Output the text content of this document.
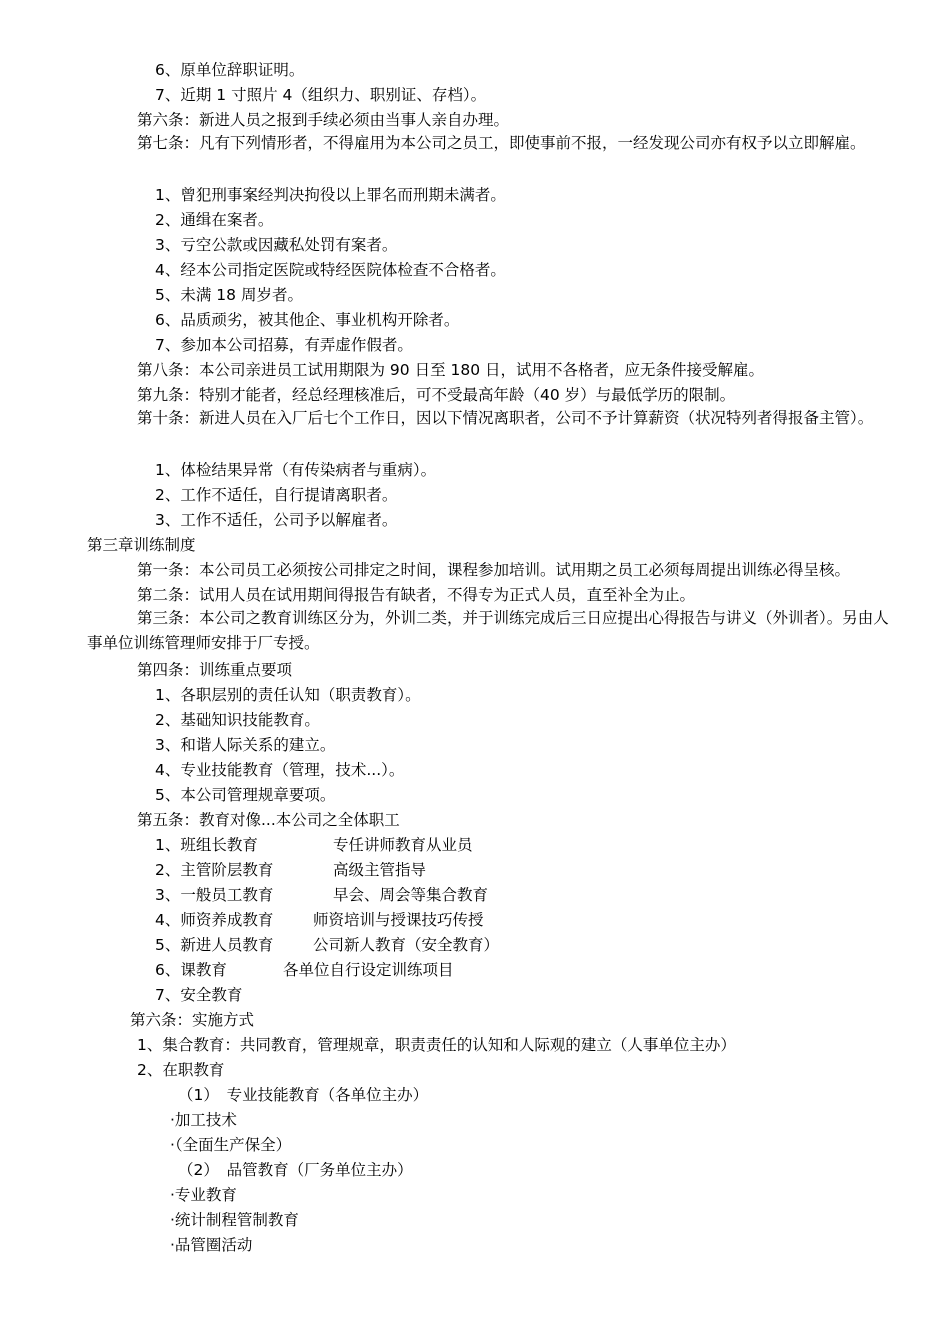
6、原单位辞职证明。
7、近期 1 寸照片 4（组织力、职别证、存档）。
第六条：新进人员之报到手续必须由当事人亲自办理。
第七条：凡有下列情形者，不得雇用为本公司之员工，即使事前不报，一经发现公司亦有权予以立即解雇。
1、曾犯刑事案经判决拘役以上罪名而刑期未满者。
2、通缉在案者。
3、亏空公款或因藏私处罚有案者。
4、经本公司指定医院或特经医院体检查不合格者。
5、未满 18 周岁者。
6、品质顽劣，被其他企、事业机构开除者。
7、参加本公司招募，有弄虚作假者。
第八条：本公司亲进员工试用期限为 90 日至 180 日，试用不各格者，应无条件接受解雇。
第九条：特别才能者，经总经理核准后，可不受最高年龄（40 岁）与最低学历的限制。
第十条：新进人员在入厂后七个工作日，因以下情况离职者，公司不予计算薪资（状况特列者得报备主管）。
1、体检结果异常（有传染病者与重病）。
2、工作不适任，自行提请离职者。
3、工作不适任，公司予以解雇者。
第三章训练制度
第一条：本公司员工必须按公司排定之时间，课程参加培训。试用期之员工必须每周提出训练必得呈核。
第二条：试用人员在试用期间得报告有缺者，不得专为正式人员，直至补全为止。
第三条：本公司之教育训练区分为，外训二类，并于训练完成后三日应提出心得报告与讲义（外训者）。另由人事单位训练管理师安排于厂专授。
第四条：训练重点要项
1、各职层别的责任认知（职责教育）。
2、基础知识技能教育。
3、和谐人际关系的建立。
4、专业技能教育（管理，技术...）。
5、本公司管理规章要项。
第五条：教育对像...本公司之全体职工
1、班组长教育	专任讲师教育从业员
2、主管阶层教育	高级主管指导
3、一般员工教育	早会、周会等集合教育
4、师资养成教育	师资培训与授课技巧传授
5、新进人员教育	公司新人教育（安全教育）
6、课教育	各单位自行设定训练项目
7、安全教育
第六条：实施方式
1、集合教育：共同教育，管理规章，职责责任的认知和人际观的建立（人事单位主办）
2、在职教育
（1）　专业技能教育（各单位主办）
·加工技术
·（全面生产保全）
（2）　品管教育（厂务单位主办）
·专业教育
·统计制程管制教育
·品管圈活动
